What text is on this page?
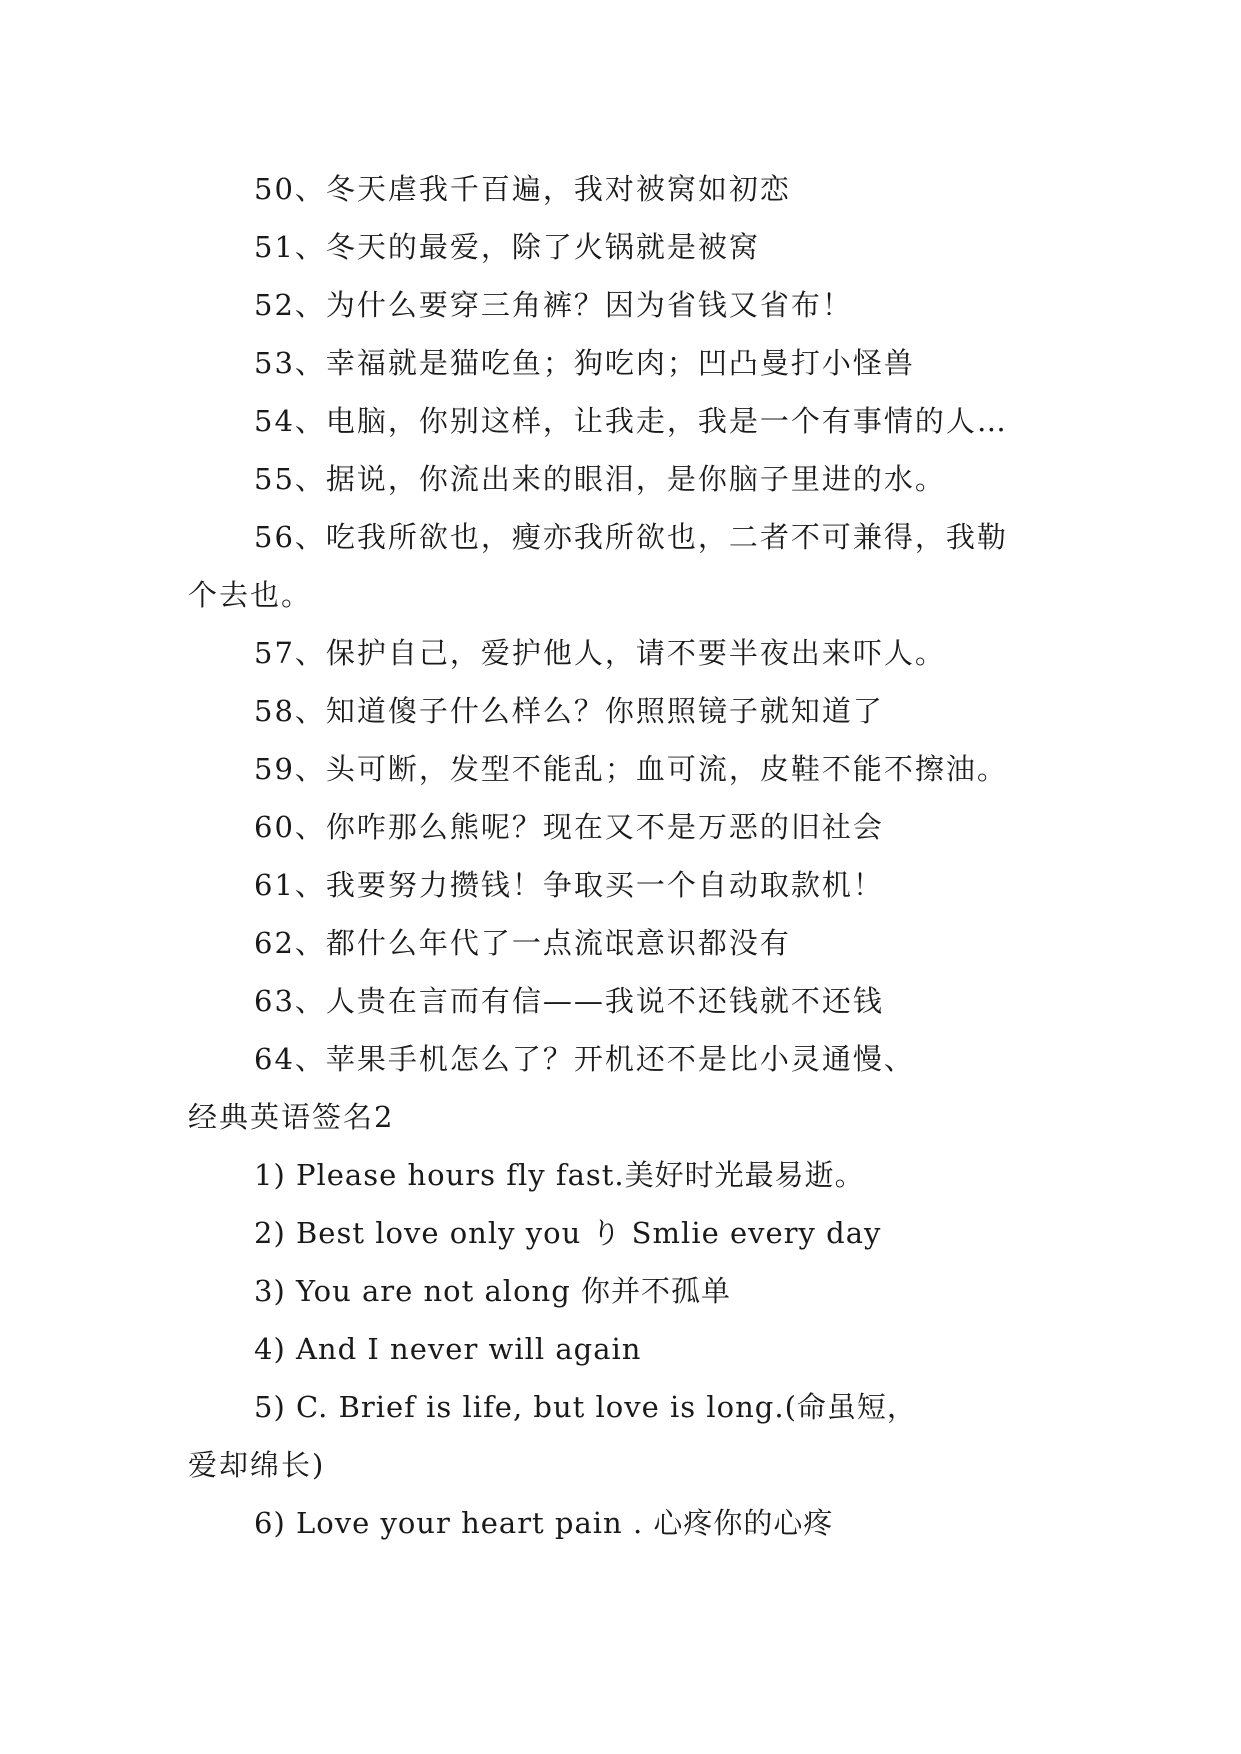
50、冬天虐我千百遍，我对被窝如初恋
51、冬天的最爱，除了火锅就是被窝
52、为什么要穿三角裤？因为省钱又省布！
53、幸福就是猫吃鱼；狗吃肉；凹凸曼打小怪兽
54、电脑，你别这样，让我走，我是一个有事情的人…
55、据说，你流出来的眼泪，是你脑子里进的水。
56、吃我所欲也，瘦亦我所欲也，二者不可兼得，我勒
个去也。
57、保护自己，爱护他人，请不要半夜出来吓人。
58、知道傻子什么样么？你照照镜子就知道了
59、头可断，发型不能乱；血可流，皮鞋不能不擦油。
60、你咋那么熊呢？现在又不是万恶的旧社会
61、我要努力攒钱！争取买一个自动取款机！
62、都什么年代了一点流氓意识都没有
63、人贵在言而有信——我说不还钱就不还钱
64、苹果手机怎么了？开机还不是比小灵通慢、
经典英语签名2
1) Please hours fly fast.美好时光最易逝。
2) Best love only you り Smlie every day
3) You are not along 你并不孤单
4) And I never will again
5) C. Brief is life, but love is long.(命虽短，
爱却绵长)
6) Love your heart pain . 心疼你的心疼
